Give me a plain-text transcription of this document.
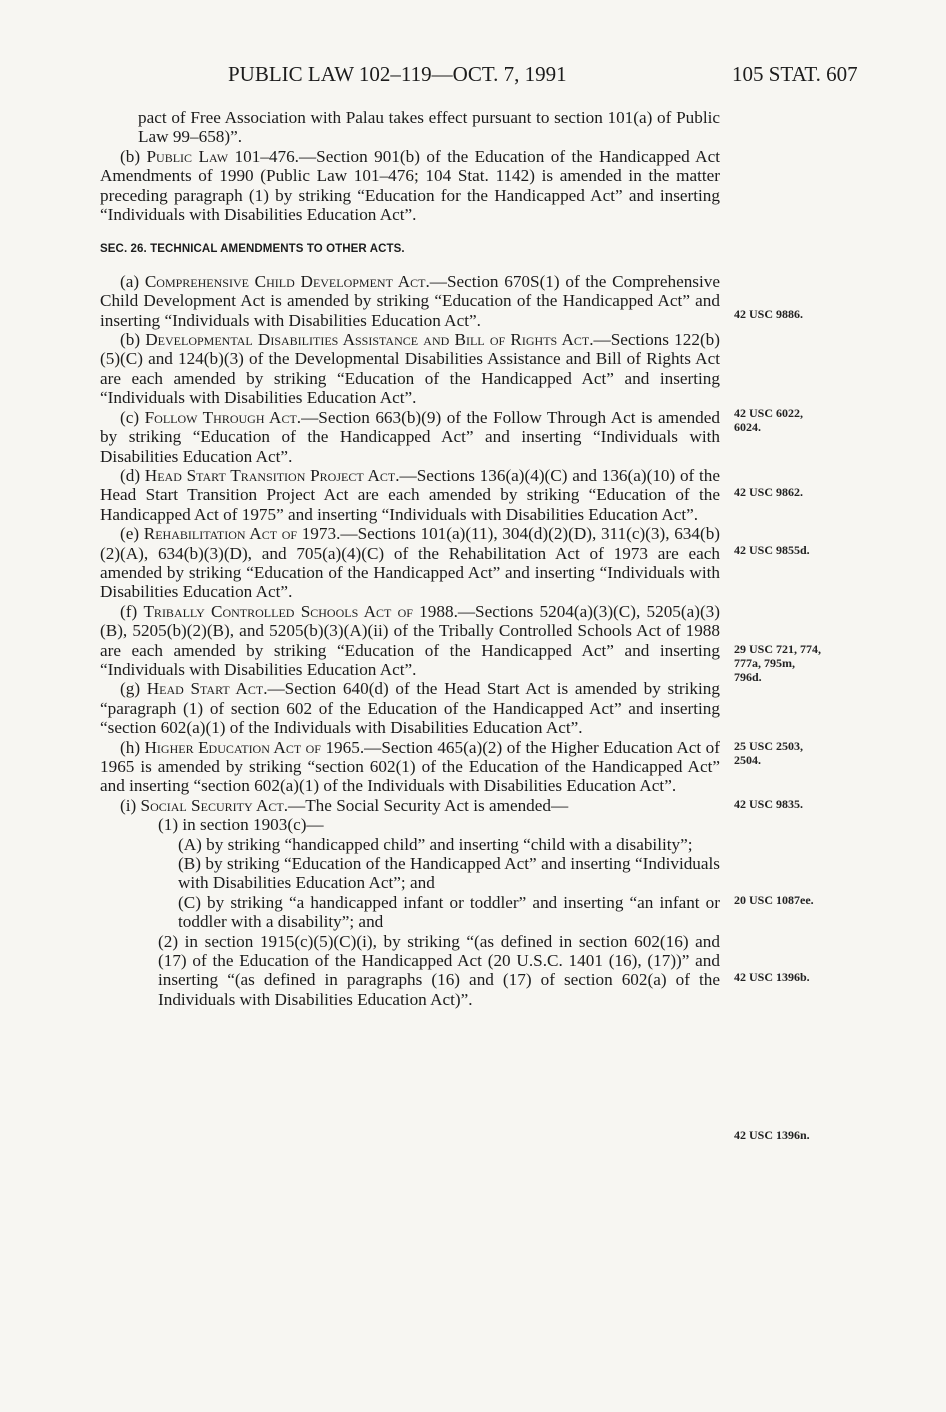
PUBLIC LAW 102–119—OCT. 7, 1991	105 STAT. 607

pact of Free Association with Palau takes effect pursuant to section 101(a) of Public Law 99–658)”.

(b) Public Law 101–476.—Section 901(b) of the Education of the Handicapped Act Amendments of 1990 (Public Law 101–476; 104 Stat. 1142) is amended in the matter preceding paragraph (1) by striking “Education for the Handicapped Act” and inserting “Individuals with Disabilities Education Act”.

SEC. 26. TECHNICAL AMENDMENTS TO OTHER ACTS.

(a) Comprehensive Child Development Act.—Section 670S(1) of the Comprehensive Child Development Act is amended by striking “Education of the Handicapped Act” and inserting “Individuals with Disabilities Education Act”.

(b) Developmental Disabilities Assistance and Bill of Rights Act.—Sections 122(b)(5)(C) and 124(b)(3) of the Developmental Disabilities Assistance and Bill of Rights Act are each amended by striking “Education of the Handicapped Act” and inserting “Individuals with Disabilities Education Act”.

(c) Follow Through Act.—Section 663(b)(9) of the Follow Through Act is amended by striking “Education of the Handicapped Act” and inserting “Individuals with Disabilities Education Act”.

(d) Head Start Transition Project Act.—Sections 136(a)(4)(C) and 136(a)(10) of the Head Start Transition Project Act are each amended by striking “Education of the Handicapped Act of 1975” and inserting “Individuals with Disabilities Education Act”.

(e) Rehabilitation Act of 1973.—Sections 101(a)(11), 304(d)(2)(D), 311(c)(3), 634(b)(2)(A), 634(b)(3)(D), and 705(a)(4)(C) of the Rehabilitation Act of 1973 are each amended by striking “Education of the Handicapped Act” and inserting “Individuals with Disabilities Education Act”.

(f) Tribally Controlled Schools Act of 1988.—Sections 5204(a)(3)(C), 5205(a)(3)(B), 5205(b)(2)(B), and 5205(b)(3)(A)(ii) of the Tribally Controlled Schools Act of 1988 are each amended by striking “Education of the Handicapped Act” and inserting “Individuals with Disabilities Education Act”.

(g) Head Start Act.—Section 640(d) of the Head Start Act is amended by striking “paragraph (1) of section 602 of the Education of the Handicapped Act” and inserting “section 602(a)(1) of the Individuals with Disabilities Education Act”.

(h) Higher Education Act of 1965.—Section 465(a)(2) of the Higher Education Act of 1965 is amended by striking “section 602(1) of the Education of the Handicapped Act” and inserting “section 602(a)(1) of the Individuals with Disabilities Education Act”.

(i) Social Security Act.—The Social Security Act is amended—

(1) in section 1903(c)—

(A) by striking “handicapped child” and inserting “child with a disability”;

(B) by striking “Education of the Handicapped Act” and inserting “Individuals with Disabilities Education Act”; and

(C) by striking “a handicapped infant or toddler” and inserting “an infant or toddler with a disability”; and

(2) in section 1915(c)(5)(C)(i), by striking “(as defined in section 602(16) and (17) of the Education of the Handicapped Act (20 U.S.C. 1401 (16), (17))” and inserting “(as defined in paragraphs (16) and (17) of section 602(a) of the Individuals with Disabilities Education Act)”.

42 USC 9886.
42 USC 6022,
6024.
42 USC 9862.
42 USC 9855d.
29 USC 721, 774,
777a, 795m,
796d.
25 USC 2503,
2504.
42 USC 9835.
20 USC 1087ee.
42 USC 1396b.
42 USC 1396n.
